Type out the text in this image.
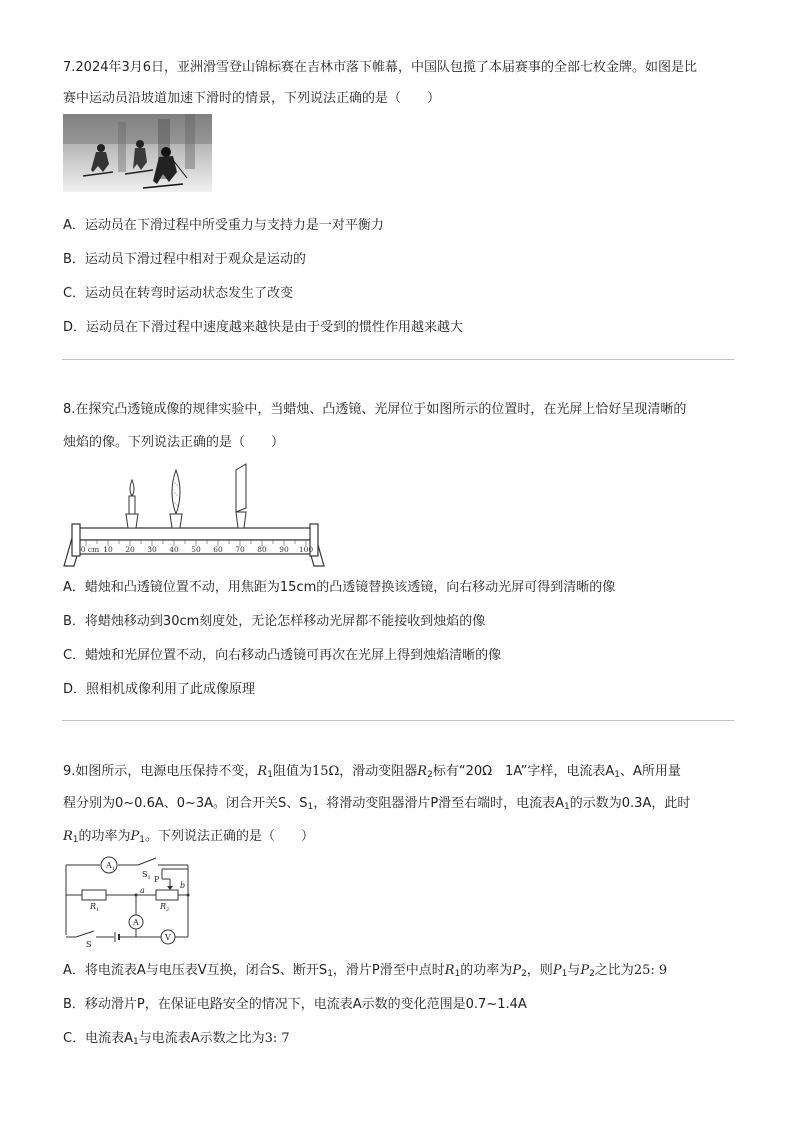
7.2024年3月6日，亚洲滑雪登山锦标赛在吉林市落下帷幕，中国队包揽了本届赛事的全部七枚金牌。如图是比
赛中运动员沿坡道加速下滑时的情景，下列说法正确的是（　　）
A．运动员在下滑过程中所受重力与支持力是一对平衡力
B．运动员下滑过程中相对于观众是运动的
C．运动员在转弯时运动状态发生了改变
D．运动员在下滑过程中速度越来越快是由于受到的惯性作用越来越大
8.在探究凸透镜成像的规律实验中，当蜡烛、凸透镜、光屏位于如图所示的位置时，在光屏上恰好呈现清晰的
烛焰的像。下列说法正确的是（　　）
0 cm 10 20 30 40 50 60 70 80 90 100
A．蜡烛和凸透镜位置不动，用焦距为15cm的凸透镜替换该透镜，向右移动光屏可得到清晰的像
B．将蜡烛移动到30cm刻度处，无论怎样移动光屏都不能接收到烛焰的像
C．蜡烛和光屏位置不动，向右移动凸透镜可再次在光屏上得到烛焰清晰的像
D．照相机成像利用了此成像原理
9.如图所示，电源电压保持不变，$R_1$阻值为15Ω，滑动变阻器$R_2$标有“20Ω　1A”字样，电流表$A_1$、A所用量
程分别为0~0.6A、0~3A。闭合开关S、$S_1$，将滑动变阻器滑片P滑至右端时，电流表$A_1$的示数为0.3A，此时
$R_1$的功率为$P_1$。下列说法正确的是（　　）
$A_1$
A
V
$S_1$ P
$R_1$
a
b
$R_2$
S
A．将电流表A与电压表V互换，闭合S、断开$S_1$，滑片P滑至中点时$R_1$的功率为$P_2$，则$P_1$与$P_2$之比为25: 9
B．移动滑片P，在保证电路安全的情况下，电流表A示数的变化范围是0.7~1.4A
C．电流表$A_1$与电流表A示数之比为3: 7
